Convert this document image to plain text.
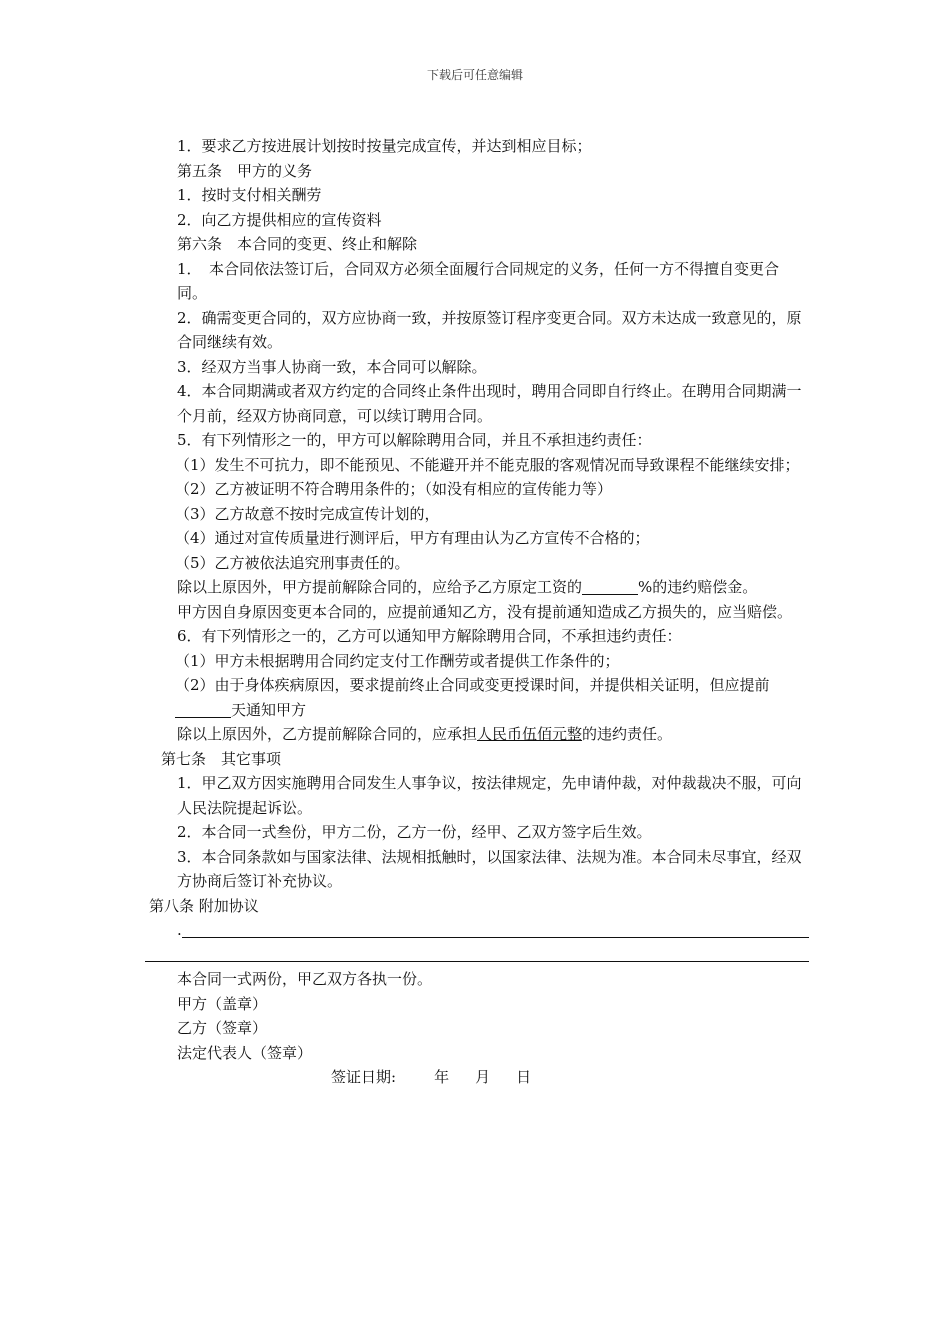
下载后可任意编辑

1．要求乙方按进展计划按时按量完成宣传，并达到相应目标；

第五条　甲方的义务

1．按时支付相关酬劳

2．向乙方提供相应的宣传资料

第六条　本合同的变更、终止和解除

1．　本合同依法签订后，合同双方必须全面履行合同规定的义务，任何一方不得擅自变更合同。

2．确需变更合同的，双方应协商一致，并按原签订程序变更合同。双方未达成一致意见的，原合同继续有效。

3．经双方当事人协商一致，本合同可以解除。

4．本合同期满或者双方约定的合同终止条件出现时，聘用合同即自行终止。在聘用合同期满一个月前，经双方协商同意，可以续订聘用合同。

5．有下列情形之一的，甲方可以解除聘用合同，并且不承担违约责任：

（1）发生不可抗力，即不能预见、不能避开并不能克服的客观情况而导致课程不能继续安排；

（2）乙方被证明不符合聘用条件的；（如没有相应的宣传能力等）

（3）乙方故意不按时完成宣传计划的，

（4）通过对宣传质量进行测评后，甲方有理由认为乙方宣传不合格的；

（5）乙方被依法追究刑事责任的。

除以上原因外，甲方提前解除合同的，应给予乙方原定工资的	%的违约赔偿金。

甲方因自身原因变更本合同的，应提前通知乙方，没有提前通知造成乙方损失的，应当赔偿。

6．有下列情形之一的，乙方可以通知甲方解除聘用合同，不承担违约责任：

（1）甲方未根据聘用合同约定支付工作酬劳或者提供工作条件的；

（2）由于身体疾病原因，要求提前终止合同或变更授课时间，并提供相关证明，但应提前天通知甲方

除以上原因外，乙方提前解除合同的，应承担人民币伍佰元整的违约责任。

第七条　其它事项

1．甲乙双方因实施聘用合同发生人事争议，按法律规定，先申请仲裁，对仲裁裁决不服，可向人民法院提起诉讼。

2．本合同一式叁份，甲方二份，乙方一份，经甲、乙双方签字后生效。

3．本合同条款如与国家法律、法规相抵触时，以国家法律、法规为准。本合同未尽事宜，经双方协商后签订补充协议。

第八条 附加协议

.

本合同一式两份，甲乙双方各执一份。

甲方（盖章）

乙方（签章）

法定代表人（签章）

签证日期:	年 月 日
